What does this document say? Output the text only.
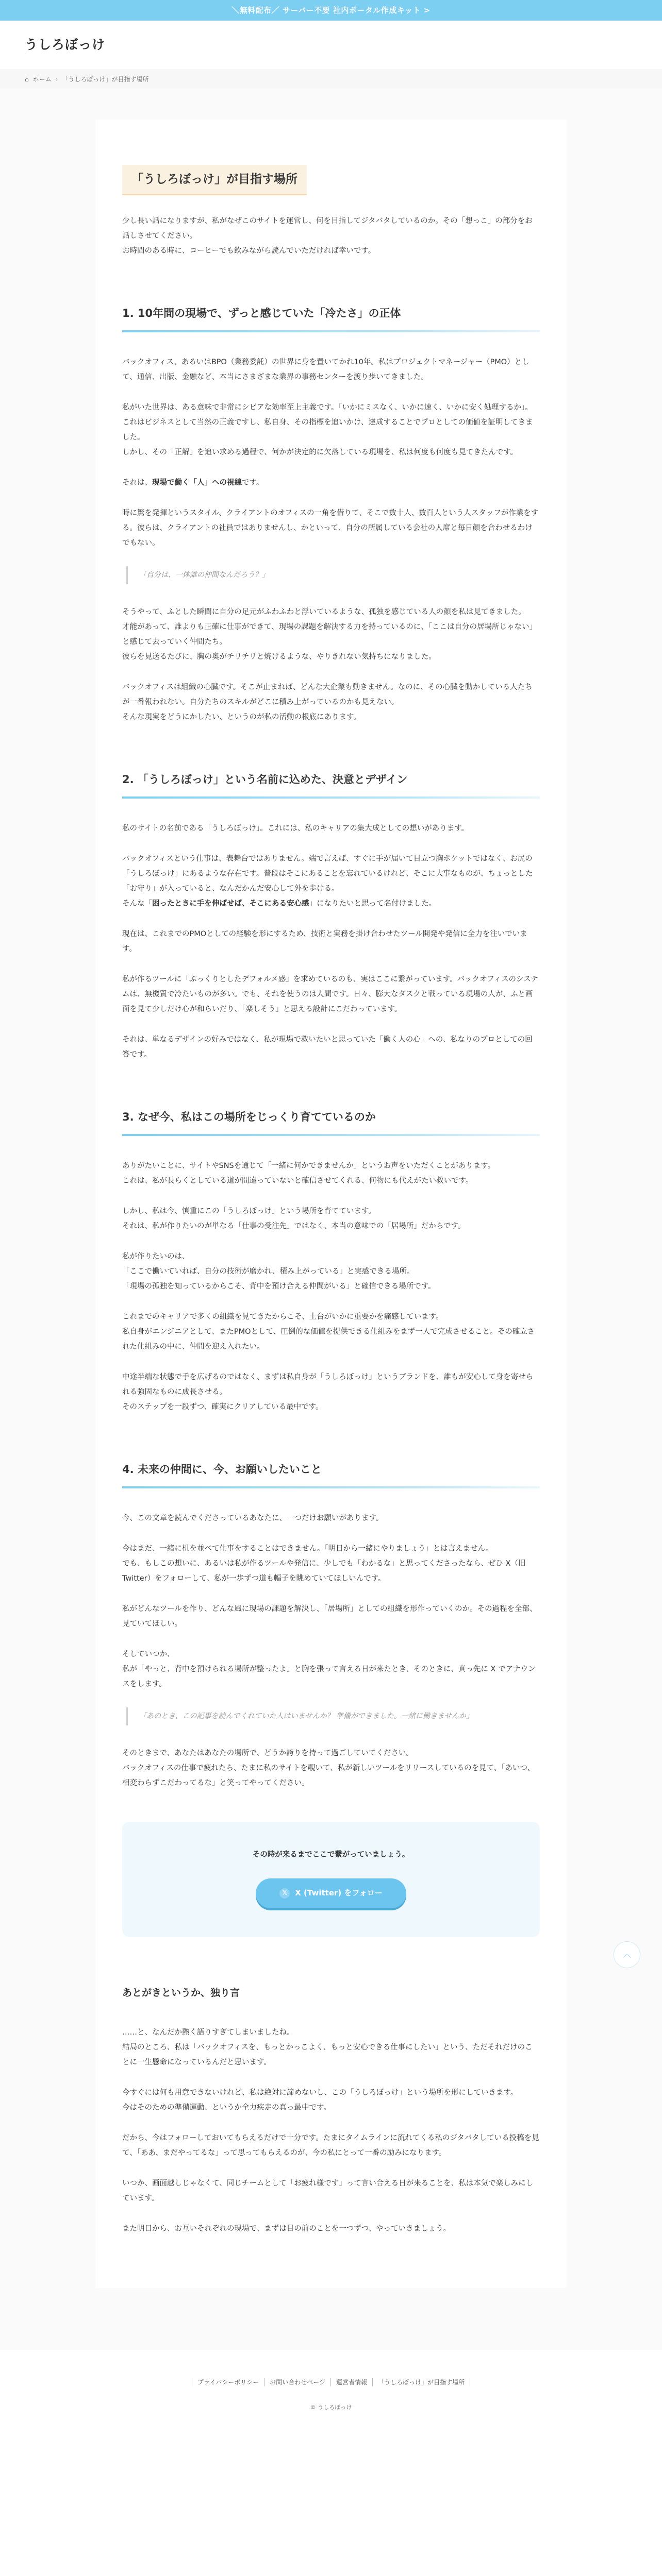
＼無料配布／ サーバー不要 社内ポータル作成キット >
うしろぼっけ
⌂ ホーム › 「うしろぼっけ」が目指す場所
「うしろぼっけ」が目指す場所

少し長い話になりますが、私がなぜこのサイトを運営し、何を目指してジタバタしているのか。その「想っこ」の部分をお話しさせてください。
お時間のある時に、コーヒーでも飲みながら読んでいただければ幸いです。

1. 10年間の現場で、ずっと感じていた「冷たさ」の正体

バックオフィス、あるいはBPO（業務委託）の世界に身を置いてかれ10年。私はプロジェクトマネージャー（PMO）として、通信、出版、金融など、本当にさまざまな業界の事務センターを渡り歩いてきました。

私がいた世界は、ある意味で非常にシビアな効率至上主義です。「いかにミスなく、いかに速く、いかに安く処理するか」。これはビジネスとして当然の正義ですし、私自身、その指標を追いかけ、達成することでプロとしての価値を証明してきました。
しかし、その「正解」を追い求める過程で、何かが決定的に欠落している現場を、私は何度も何度も見てきたんです。

それは、現場で働く「人」への視線です。

時に驚を発揮というスタイル、クライアントのオフィスの一角を借りて、そこで数十人、数百人という人スタッフが作業をする。彼らは、クライアントの社員ではありませんし、かといって、自分の所属している会社の人席と毎日顔を合わせるわけでもない。

「自分は、一体誰の仲間なんだろう？」

そうやって、ふとした瞬間に自分の足元がふわふわと浮いているような、孤独を感じている人の顔を私は見てきました。
才能があって、誰よりも正確に仕事ができて、現場の課題を解決する力を持っているのに、「ここは自分の居場所じゃない」と感じて去っていく仲間たち。
彼らを見送るたびに、胸の奥がチリチリと焼けるような、やりきれない気持ちになりました。

バックオフィスは組織の心臓です。そこが止まれば、どんな大企業も動きません。なのに、その心臓を動かしている人たちが一番報われない。自分たちのスキルがどこに積み上がっているのかも見えない。
そんな現実をどうにかしたい、というのが私の活動の根底にあります。

2. 「うしろぼっけ」という名前に込めた、決意とデザイン

私のサイトの名前である「うしろぼっけ」。これには、私のキャリアの集大成としての想いがあります。

バックオフィスという仕事は、表舞台ではありません。端で言えば、すぐに手が届いて目立つ胸ポケットではなく、お尻の「うしろぼっけ」にあるような存在です。普段はそこにあることを忘れているけれど、そこに大事なものが、ちょっとした「お守り」が入っていると、なんだかんだ安心して外を歩ける。
そんな「困ったときに手を伸ばせば、そこにある安心感」になりたいと思って名付けました。

現在は、これまでのPMOとしての経験を形にするため、技術と実務を掛け合わせたツール開発や発信に全力を注いでいます。

私が作るツールに「ぷっくりとしたデフォルメ感」を求めているのも、実はここに繋がっています。バックオフィスのシステムは、無機質で冷たいものが多い。でも、それを使うのは人間です。日々、膨大なタスクと戦っている現場の人が、ふと画面を見て少しだけ心が和らいだり、「楽しそう」と思える設計にこだわっています。

それは、単なるデザインの好みではなく、私が現場で救いたいと思っていた「働く人の心」への、私なりのプロとしての回答です。

3. なぜ今、私はこの場所をじっくり育てているのか

ありがたいことに、サイトやSNSを通じて「一緒に何かできませんか」というお声をいただくことがあります。
これは、私が長らくとしている道が間違っていないと確信させてくれる、何物にも代えがたい救いです。

しかし、私は今、慎重にこの「うしろぼっけ」という場所を育てています。
それは、私が作りたいのが単なる「仕事の受注先」ではなく、本当の意味での「居場所」だからです。

私が作りたいのは、
「ここで働いていれば、自分の技術が磨かれ、積み上がっている」と実感できる場所。
「現場の孤独を知っているからこそ、背中を預け合える仲間がいる」と確信できる場所です。

これまでのキャリアで多くの組織を見てきたからこそ、土台がいかに重要かを痛感しています。
私自身がエンジニアとして、またPMOとして、圧倒的な価値を提供できる仕組みをまず一人で完成させること。その確立された仕組みの中に、仲間を迎え入れたい。

中途半端な状態で手を広げるのではなく、まずは私自身が「うしろぼっけ」というブランドを、誰もが安心して身を寄せられる強固なものに成長させる。
そのステップを一段ずつ、確実にクリアしている最中です。

4. 未来の仲間に、今、お願いしたいこと

今、この文章を読んでくださっているあなたに、一つだけお願いがあります。

今はまだ、一緒に机を並べて仕事をすることはできません。「明日から一緒にやりましょう」とは言えません。
でも、もしこの想いに、あるいは私が作るツールや発信に、少しでも「わかるな」と思ってくださったなら、ぜひ X（旧Twitter）をフォローして、私が一歩ずつ道も幅子を眺めていてほしいんです。

私がどんなツールを作り、どんな風に現場の課題を解決し、「居場所」としての組織を形作っていくのか。その過程を全部、見ていてほしい。

そしていつか、
私が「やっと、背中を預けられる場所が整ったよ」と胸を張って言える日が来たとき、そのときに、真っ先に X でアナウンスをします。

「あのとき、この記事を読んでくれていた人はいませんか？ 準備ができました。一緒に働きませんか」

そのときまで、あなたはあなたの場所で、どうか誇りを持って過ごしていてください。
バックオフィスの仕事で疲れたら、たまに私のサイトを覗いて、私が新しいツールをリリースしているのを見て、「あいつ、相変わらずこだわってるな」と笑ってやってください。

その時が来るまでここで繋がっていましょう。
𝕏 X (Twitter) をフォロー
あとがきというか、独り言

……と、なんだか熱く語りすぎてしまいましたね。
結局のところ、私は「バックオフィスを、もっとかっこよく、もっと安心できる仕事にしたい」という、ただそれだけのことに一生懸命になっているんだと思います。

今すぐには何も用意できないけれど、私は絶対に諦めないし、この「うしろぼっけ」という場所を形にしていきます。
今はそのための準備運動、というか全力疾走の真っ最中です。

だから、今はフォローしておいてもらえるだけで十分です。たまにタイムラインに流れてくる私のジタバタしている投稿を見て、「ああ、まだやってるな」って思ってもらえるのが、今の私にとって一番の励みになります。

いつか、画面越しじゃなくて、同じチームとして「お疲れ様です」って言い合える日が来ることを、私は本気で楽しみにしています。

また明日から、お互いそれぞれの現場で、まずは目の前のことを一つずつ、やっていきましょう。

︿
プライバシーポリシー	お問い合わせページ	運営者情報	「うしろぼっけ」が目指す場所
© うしろぼっけ
